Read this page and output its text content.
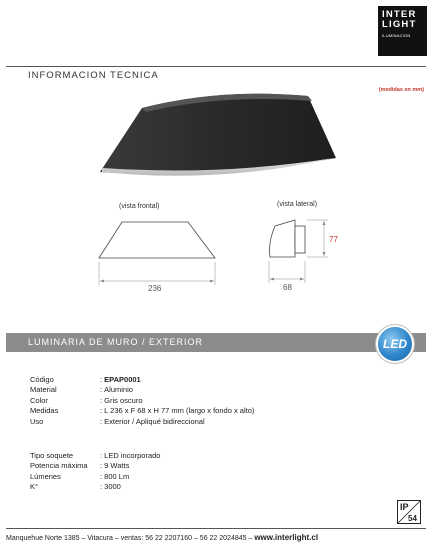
INTER
LIGHT
ILUMINACION
INFORMACION TECNICA
(medidas en mm)
(vista frontal)	(vista lateral)
236
77
68
LUMINARIA DE MURO / EXTERIOR	LED
Código	: EPAP0001
Material	: Aluminio
Color	: Gris oscuro
Medidas	: L 236 x F 68 x H 77 mm (largo x fondo x alto)
Uso	: Exterior / Apliqué bidireccional
Tipo soquete	: LED incorporado
Potencia máxima	: 9 Watts
Lúmenes	: 800 Lm
K°	: 3000
IP
54
Manquehue Norte 1385 – Vitacura – ventas: 56 22 2207160 – 56 22 2024845 – www.interlight.cl
